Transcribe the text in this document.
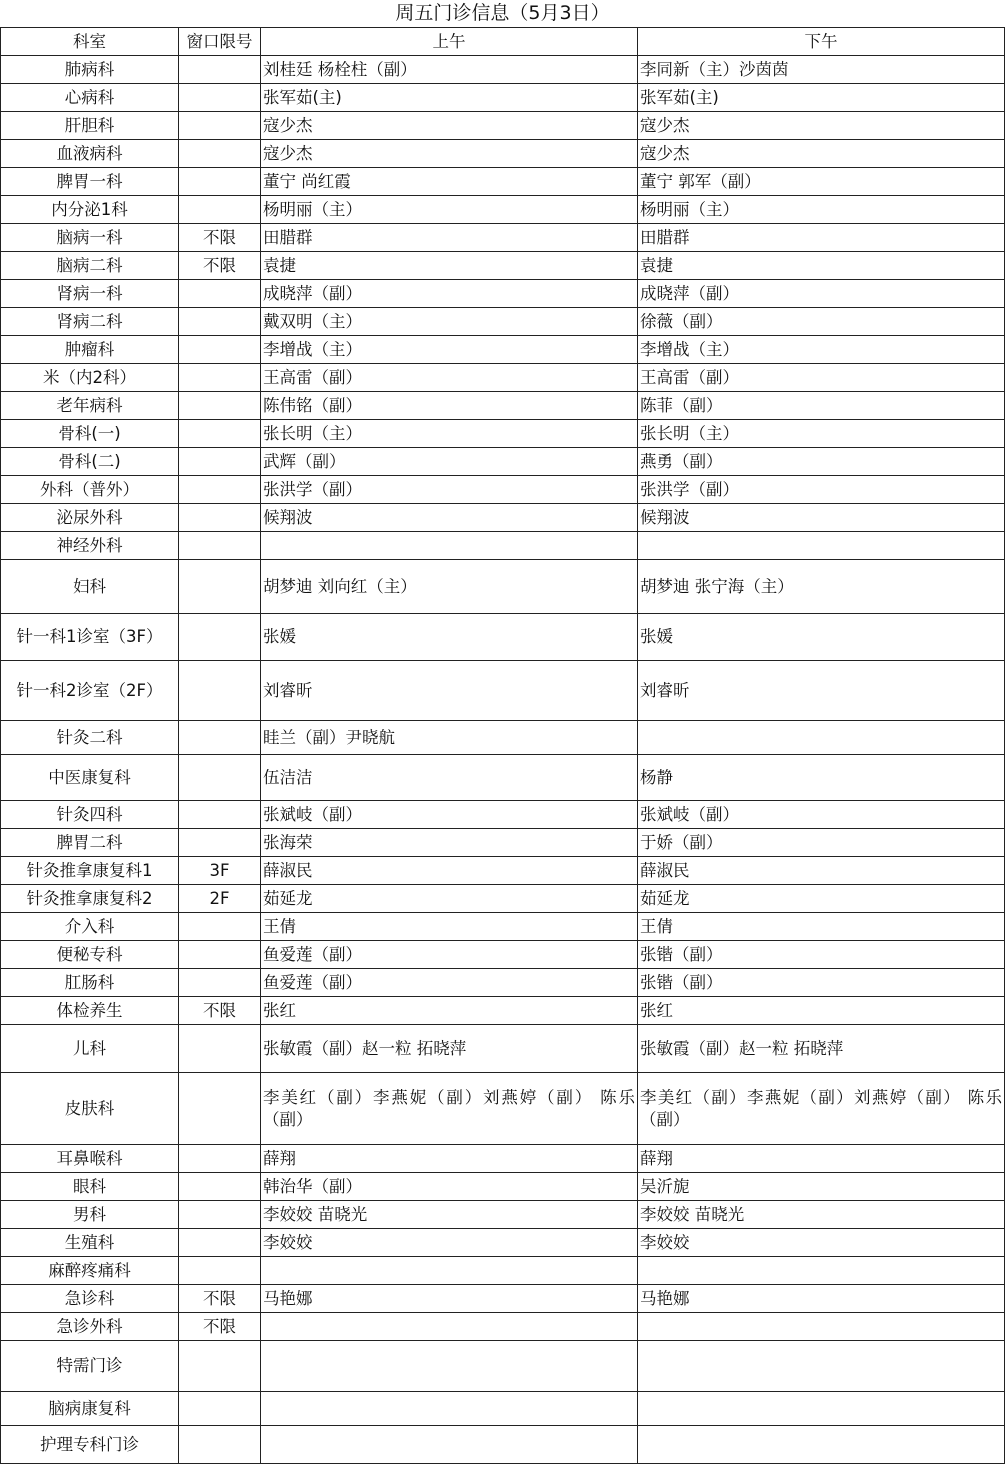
周五门诊信息（5月3日）
科室	窗口限号	上午	下午
肺病科		刘桂廷 杨栓柱（副）	李同新（主）沙茵茵
心病科		张军茹(主)	张军茹(主)
肝胆科		寇少杰	寇少杰
血液病科		寇少杰	寇少杰
脾胃一科		董宁 尚红霞	董宁 郭军（副）
内分泌1科		杨明丽（主）	杨明丽（主）
脑病一科	不限	田腊群	田腊群
脑病二科	不限	袁捷	袁捷
肾病一科		成晓萍（副）	成晓萍（副）
肾病二科		戴双明（主）	徐薇（副）
肿瘤科		李增战（主）	李增战（主）
米（内2科）		王高雷（副）	王高雷（副）
老年病科		陈伟铭（副）	陈菲（副）
骨科(一)		张长明（主）	张长明（主）
骨科(二)		武辉（副）	燕勇（副）
外科（普外）		张洪学（副）	张洪学（副）
泌尿外科		候翔波	候翔波
神经外科			
妇科		胡梦迪 刘向红（主）	胡梦迪 张宁海（主）
针一科1诊室（3F）		张媛	张媛
针一科2诊室（2F）		刘睿昕	刘睿昕
针灸二科		眭兰（副）尹晓航	
中医康复科		伍洁洁	杨静
针灸四科		张斌岐（副）	张斌岐（副）
脾胃二科		张海荣	于娇（副）
针灸推拿康复科1	3F	薛淑民	薛淑民
针灸推拿康复科2	2F	茹延龙	茹延龙
介入科		王倩	王倩
便秘专科		鱼爱莲（副）	张锴（副）
肛肠科		鱼爱莲（副）	张锴（副）
体检养生	不限	张红	张红
儿科		张敏霞（副）赵一粒 拓晓萍	张敏霞（副）赵一粒 拓晓萍
皮肤科		李美红（副）李燕妮（副）刘燕婷（副） 陈乐（副）	李美红（副）李燕妮（副）刘燕婷（副） 陈乐（副）
耳鼻喉科		薛翔	薛翔
眼科		韩治华（副）	吴沂旎
男科		李姣姣 苗晓光	李姣姣 苗晓光
生殖科		李姣姣	李姣姣
麻醉疼痛科			
急诊科	不限	马艳娜	马艳娜
急诊外科	不限		
特需门诊			
脑病康复科			
护理专科门诊			
